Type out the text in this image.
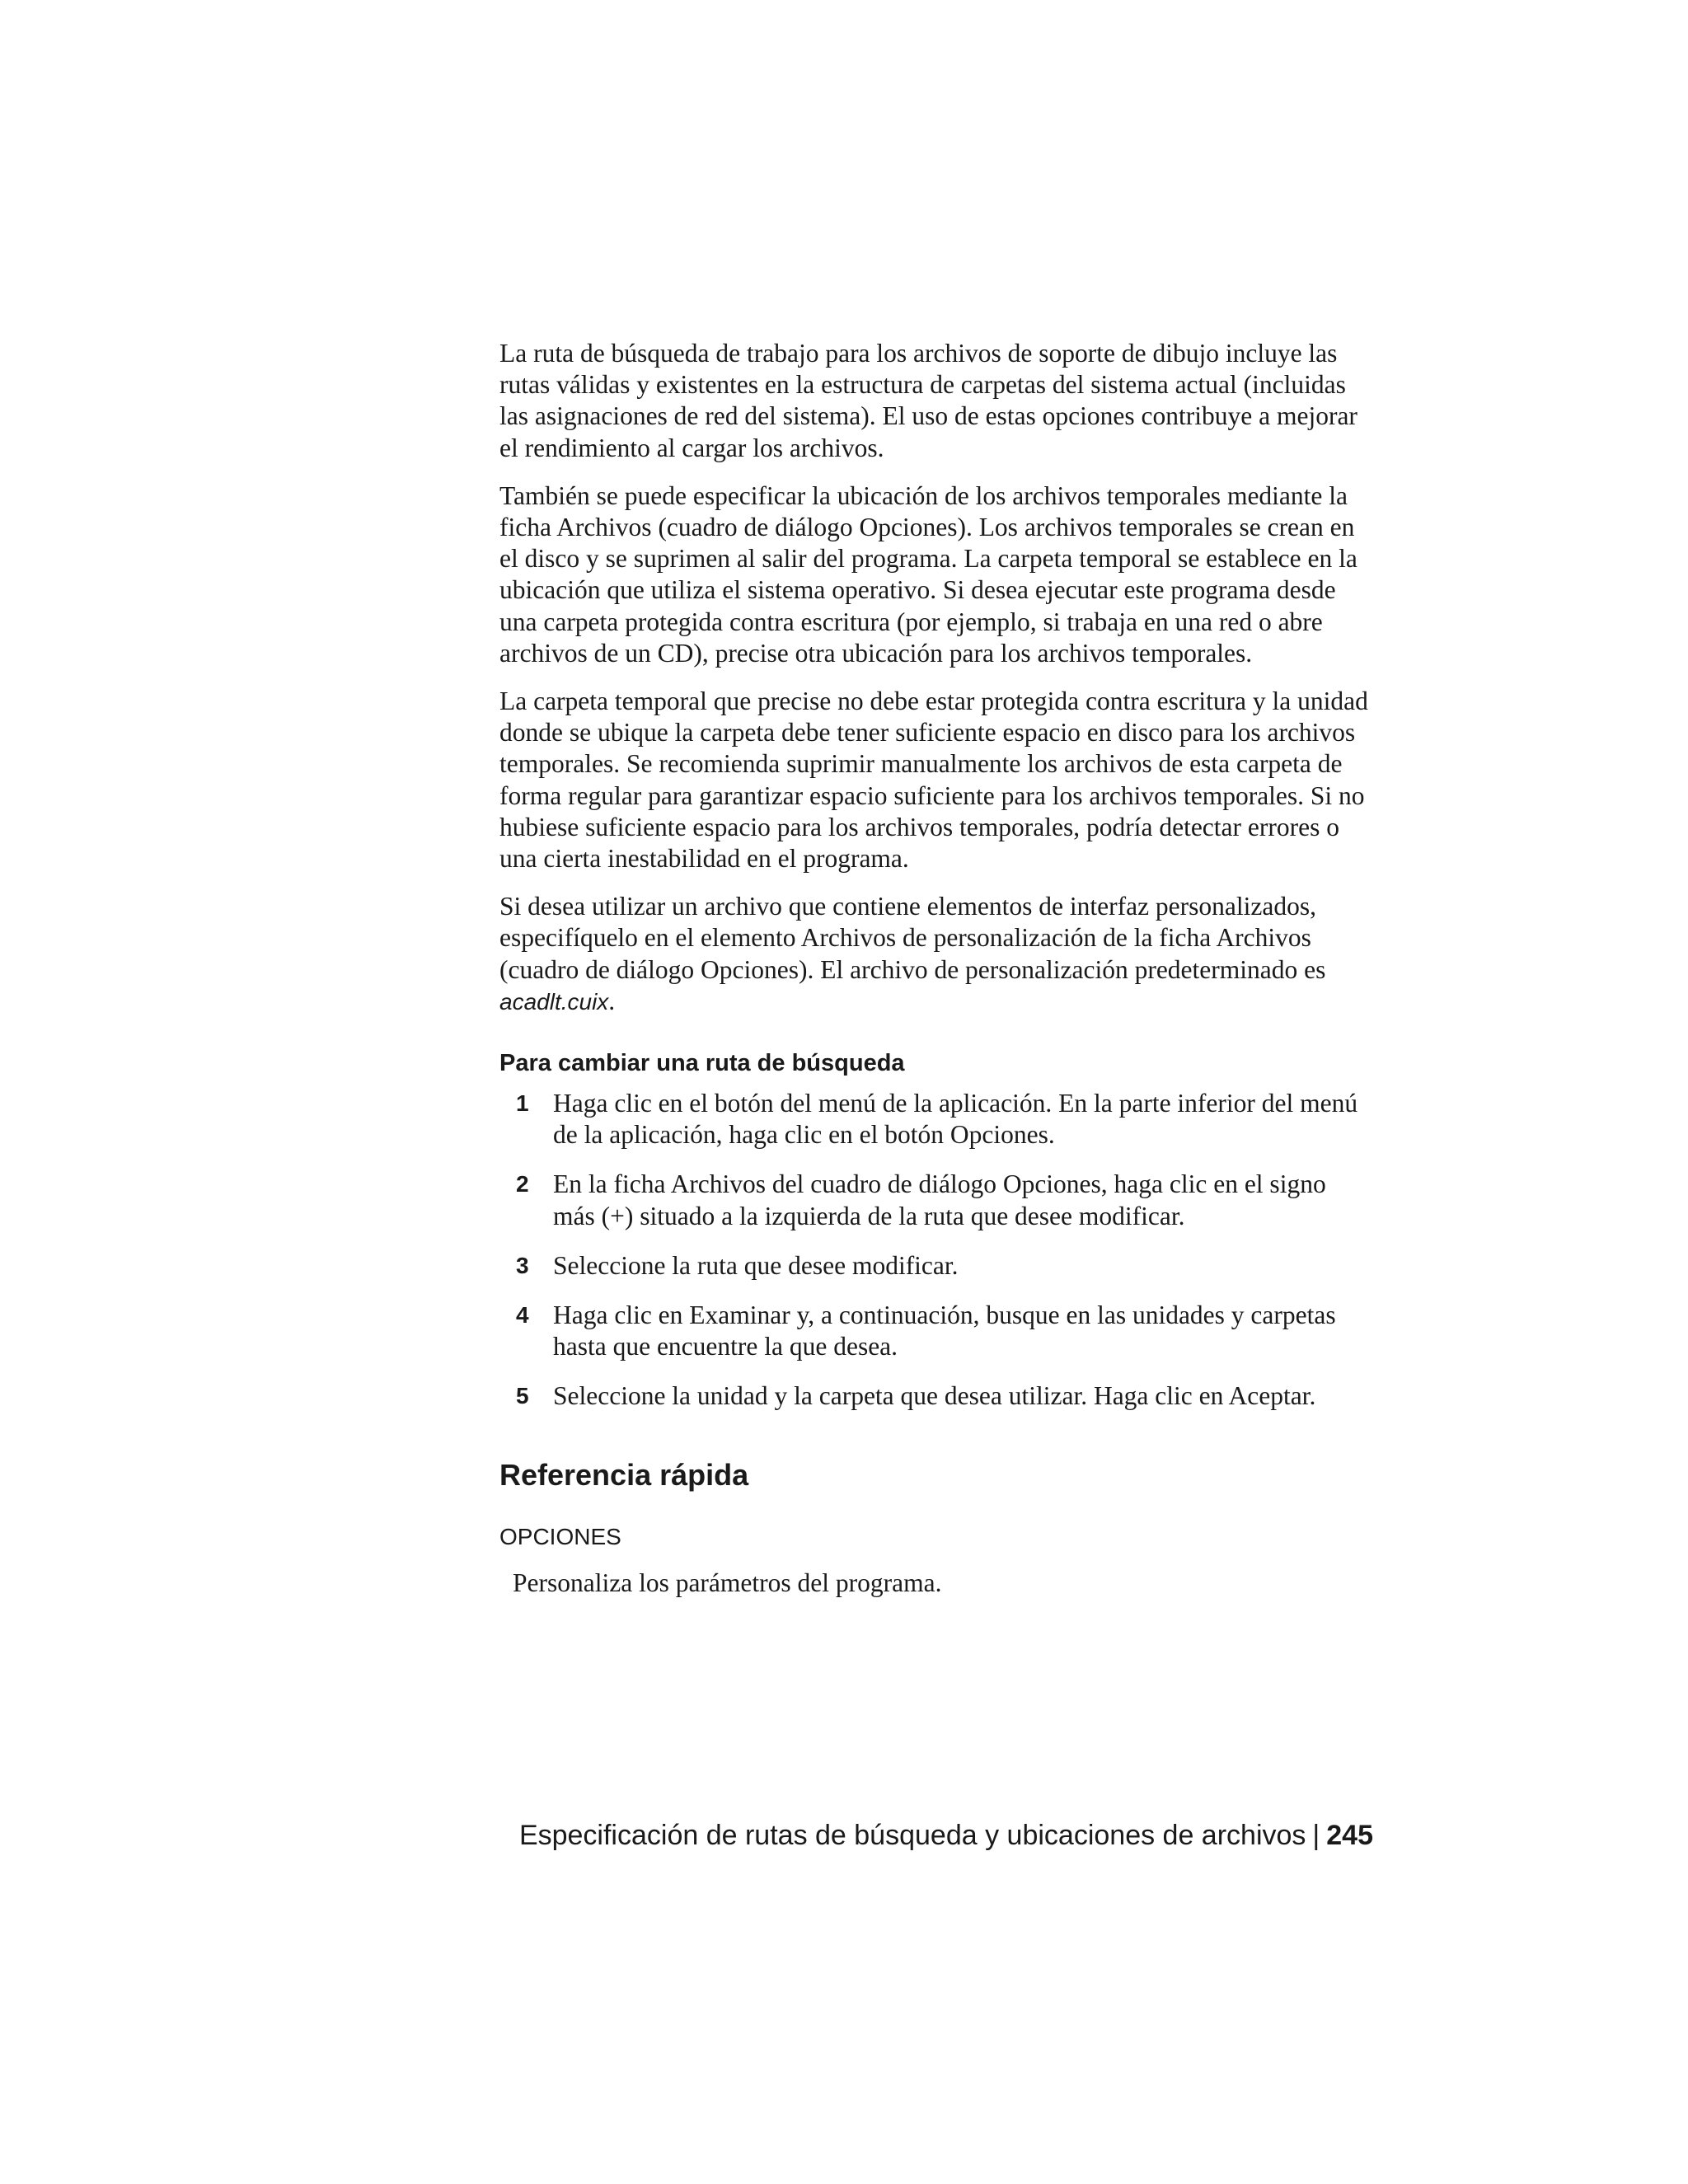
La ruta de búsqueda de trabajo para los archivos de soporte de dibujo incluye las rutas válidas y existentes en la estructura de carpetas del sistema actual (incluidas las asignaciones de red del sistema). El uso de estas opciones contribuye a mejorar el rendimiento al cargar los archivos.

También se puede especificar la ubicación de los archivos temporales mediante la ficha Archivos (cuadro de diálogo Opciones). Los archivos temporales se crean en el disco y se suprimen al salir del programa. La carpeta temporal se establece en la ubicación que utiliza el sistema operativo. Si desea ejecutar este programa desde una carpeta protegida contra escritura (por ejemplo, si trabaja en una red o abre archivos de un CD), precise otra ubicación para los archivos temporales.

La carpeta temporal que precise no debe estar protegida contra escritura y la unidad donde se ubique la carpeta debe tener suficiente espacio en disco para los archivos temporales. Se recomienda suprimir manualmente los archivos de esta carpeta de forma regular para garantizar espacio suficiente para los archivos temporales. Si no hubiese suficiente espacio para los archivos temporales, podría detectar errores o una cierta inestabilidad en el programa.

Si desea utilizar un archivo que contiene elementos de interfaz personalizados, especifíquelo en el elemento Archivos de personalización de la ficha Archivos (cuadro de diálogo Opciones). El archivo de personalización predeterminado es acadlt.cuix.

Para cambiar una ruta de búsqueda
1 Haga clic en el botón del menú de la aplicación. En la parte inferior del menú de la aplicación, haga clic en el botón Opciones.
2 En la ficha Archivos del cuadro de diálogo Opciones, haga clic en el signo más (+) situado a la izquierda de la ruta que desee modificar.
3 Seleccione la ruta que desee modificar.
4 Haga clic en Examinar y, a continuación, busque en las unidades y carpetas hasta que encuentre la que desea.
5 Seleccione la unidad y la carpeta que desea utilizar. Haga clic en Aceptar.
Referencia rápida
OPCIONES
Personaliza los parámetros del programa.
Especificación de rutas de búsqueda y ubicaciones de archivos | 245
